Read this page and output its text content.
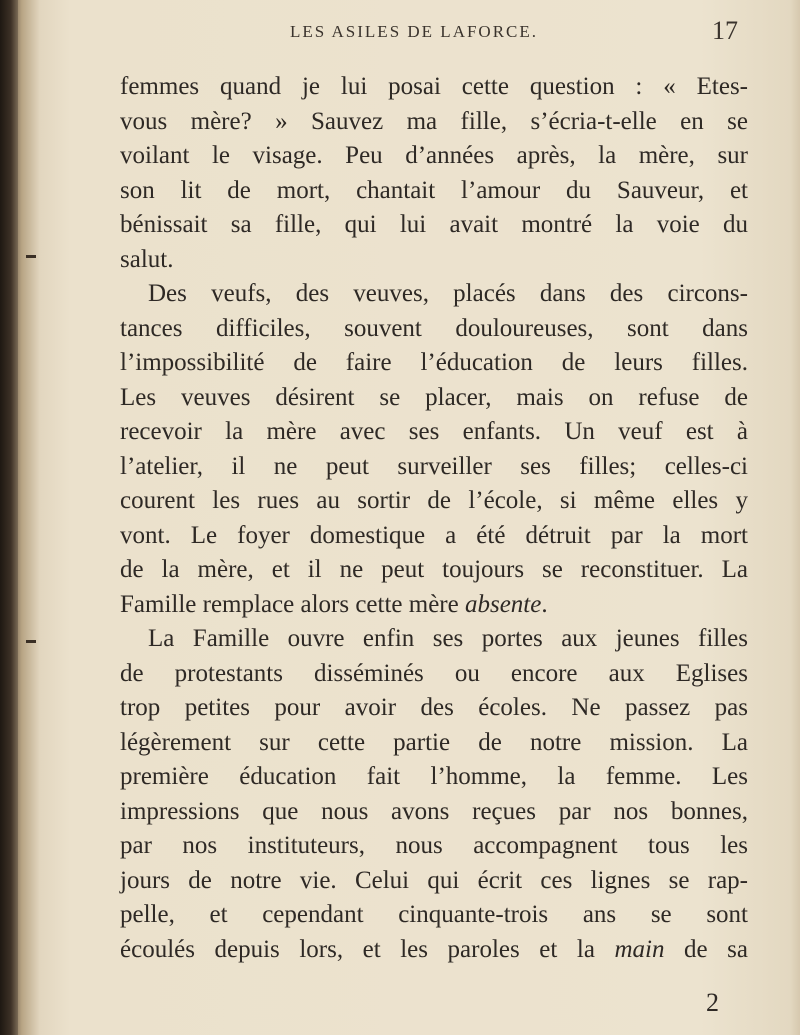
LES ASILES DE LAFORCE.	17
femmes quand je lui posai cette question : « Etes-
vous mère? » Sauvez ma fille, s’écria-t-elle en se
voilant le visage. Peu d’années après, la mère, sur
son lit de mort, chantait l’amour du Sauveur, et
bénissait sa fille, qui lui avait montré la voie du
salut.
Des veufs, des veuves, placés dans des circons-
tances difficiles, souvent douloureuses, sont dans
l’impossibilité de faire l’éducation de leurs filles.
Les veuves désirent se placer, mais on refuse de
recevoir la mère avec ses enfants. Un veuf est à
l’atelier, il ne peut surveiller ses filles; celles-ci
courent les rues au sortir de l’école, si même elles y
vont. Le foyer domestique a été détruit par la mort
de la mère, et il ne peut toujours se reconstituer. La
Famille remplace alors cette mère absente.
La Famille ouvre enfin ses portes aux jeunes filles
de protestants disséminés ou encore aux Eglises
trop petites pour avoir des écoles. Ne passez pas
légèrement sur cette partie de notre mission. La
première éducation fait l’homme, la femme. Les
impressions que nous avons reçues par nos bonnes,
par nos instituteurs, nous accompagnent tous les
jours de notre vie. Celui qui écrit ces lignes se rap-
pelle, et cependant cinquante-trois ans se sont
écoulés depuis lors, et les paroles et la main de sa
2
